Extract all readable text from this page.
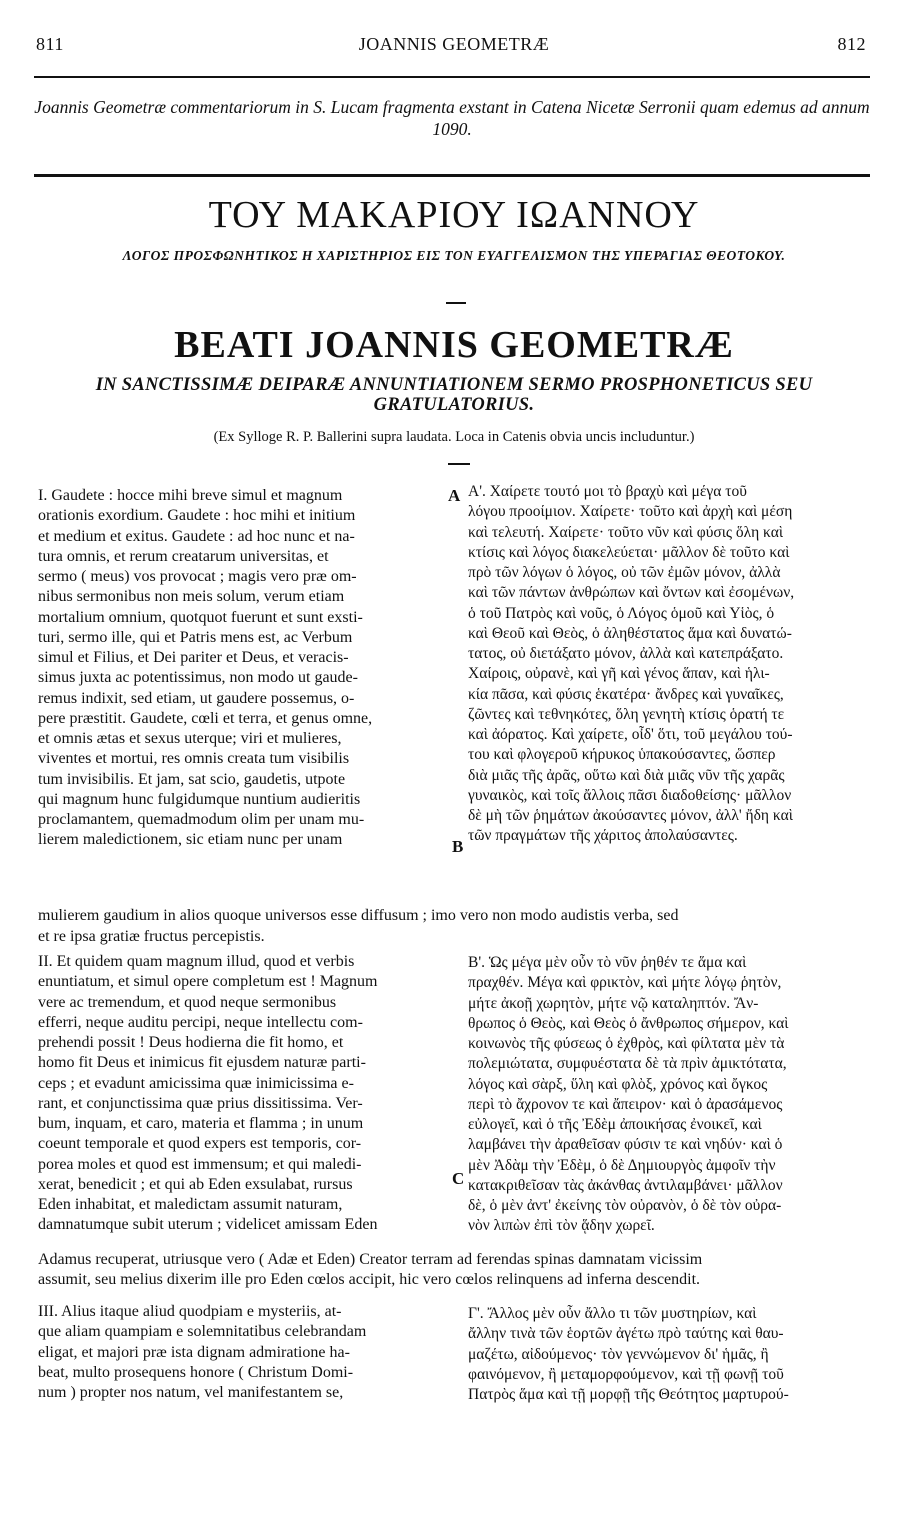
811	JOANNIS GEOMETRÆ	812

Joannis Geometræ commentariorum in S. Lucam fragmenta exstant in Catena Nicetæ Serronii quam edemus ad annum 1090.

ΤΟΥ ΜΑΚΑΡΙΟΥ ΙΩΑΝΝΟΥ
ΛΟΓΟΣ ΠΡΟΣΦΩΝΗΤΙΚΟΣ Η ΧΑΡΙΣΤΗΡΙΟΣ ΕΙΣ ΤΟΝ ΕΥΑΓΓΕΛΙΣΜΟΝ ΤΗΣ ΥΠΕΡΑΓΙΑΣ ΘΕΟΤΟΚΟΥ.
BEATI JOANNIS GEOMETRÆ
IN SANCTISSIMÆ DEIPARÆ ANNUNTIATIONEM SERMO PROSPHONETICUS SEU GRATULATORIUS.
(Ex Sylloge R. P. Ballerini supra laudata. Loca in Catenis obvia uncis includuntur.)
A
B
C
I. Gaudete : hocce mihi breve simul et magnum
orationis exordium. Gaudete : hoc mihi et initium
et medium et exitus. Gaudete : ad hoc nunc et na-
tura omnis, et rerum creatarum universitas, et
sermo ( meus) vos provocat ; magis vero præ om-
nibus sermonibus non meis solum, verum etiam
mortalium omnium, quotquot fuerunt et sunt exsti-
turi, sermo ille, qui et Patris mens est, ac Verbum
simul et Filius, et Dei pariter et Deus, et veracis-
simus juxta ac potentissimus, non modo ut gaude-
remus indixit, sed etiam, ut gaudere possemus, o-
pere præstitit. Gaudete, cœli et terra, et genus omne,
et omnis ætas et sexus uterque; viri et mulieres,
viventes et mortui, res omnis creata tum visibilis
tum invisibilis. Et jam, sat scio, gaudetis, utpote
qui magnum hunc fulgidumque nuntium audieritis
proclamantem, quemadmodum olim per unam mu-
lierem maledictionem, sic etiam nunc per unam
Α'. Χαίρετε τουτό μοι τὸ βραχὺ καὶ μέγα τοῦ
λόγου προοίμιον. Χαίρετε· τοῦτο καὶ ἀρχὴ καὶ μέση
καὶ τελευτή. Χαίρετε· τοῦτο νῦν καὶ φύσις ὅλη καὶ
κτίσις καὶ λόγος διακελεύεται· μᾶλλον δὲ τοῦτο καὶ
πρὸ τῶν λόγων ὁ λόγος, οὐ τῶν ἐμῶν μόνον, ἀλλὰ
καὶ τῶν πάντων ἀνθρώπων καὶ ὄντων καὶ ἐσομένων,
ὁ τοῦ Πατρὸς καὶ νοῦς, ὁ Λόγος ὁμοῦ καὶ Υἱὸς, ὁ
καὶ Θεοῦ καὶ Θεὸς, ὁ ἀληθέστατος ἅμα καὶ δυνατώ-
τατος, οὐ διετάξατο μόνον, ἀλλὰ καὶ κατεπράξατο.
Χαίροις, οὐρανὲ, καὶ γῆ καὶ γένος ἅπαν, καὶ ἡλι-
κία πᾶσα, καὶ φύσις ἑκατέρα· ἄνδρες καὶ γυναῖκες,
ζῶντες καὶ τεθνηκότες, ὅλη γενητὴ κτίσις ὁρατή τε
καὶ ἀόρατος. Καὶ χαίρετε, οἶδ' ὅτι, τοῦ μεγάλου τού-
του καὶ φλογεροῦ κήρυκος ὑπακούσαντες, ὥσπερ
διὰ μιᾶς τῆς ἀρᾶς, οὕτω καὶ διὰ μιᾶς νῦν τῆς χαρᾶς
γυναικὸς, καὶ τοῖς ἄλλοις πᾶσι διαδοθείσης· μᾶλλον
δὲ μὴ τῶν ῥημάτων ἀκούσαντες μόνον, ἀλλ' ἤδη καὶ
τῶν πραγμάτων τῆς χάριτος ἀπολαύσαντες.
mulierem gaudium in alios quoque universos esse diffusum ; imo vero non modo audistis verba, sed
et re ipsa gratiæ fructus percepistis.
II. Et quidem quam magnum illud, quod et verbis
enuntiatum, et simul opere completum est ! Magnum
vere ac tremendum, et quod neque sermonibus
efferri, neque auditu percipi, neque intellectu com-
prehendi possit ! Deus hodierna die fit homo, et
homo fit Deus et inimicus fit ejusdem naturæ parti-
ceps ; et evadunt amicissima quæ inimicissima e-
rant, et conjunctissima quæ prius dissitissima. Ver-
bum, inquam, et caro, materia et flamma ; in unum
coeunt temporale et quod expers est temporis, cor-
porea moles et quod est immensum; et qui maledi-
xerat, benedicit ; et qui ab Eden exsulabat, rursus
Eden inhabitat, et maledictam assumit naturam,
damnatumque subit uterum ; videlicet amissam Eden
Β'. Ὡς μέγα μὲν οὖν τὸ νῦν ῥηθέν τε ἅμα καὶ
πραχθέν. Μέγα καὶ φρικτὸν, καὶ μήτε λόγῳ ῥητὸν,
μήτε ἀκοῇ χωρητὸν, μήτε νῷ καταληπτόν. Ἄν-
θρωπος ὁ Θεὸς, καὶ Θεὸς ὁ ἄνθρωπος σήμερον, καὶ
κοινωνὸς τῆς φύσεως ὁ ἐχθρὸς, καὶ φίλτατα μὲν τὰ
πολεμιώτατα, συμφυέστατα δὲ τὰ πρὶν ἀμικτότατα,
λόγος καὶ σὰρξ, ὕλη καὶ φλὸξ, χρόνος καὶ ὄγκος
περὶ τὸ ἄχρονον τε καὶ ἄπειρον· καὶ ὁ ἀρασάμενος
εὐλογεῖ, καὶ ὁ τῆς Ἐδὲμ ἀποικήσας ἐνοικεῖ, καὶ
λαμβάνει τὴν ἀραθεῖσαν φύσιν τε καὶ νηδύν· καὶ ὁ
μὲν Ἀδὰμ τὴν Ἐδὲμ, ὁ δὲ Δημιουργὸς ἀμφοῖν τὴν
κατακριθεῖσαν τὰς ἀκάνθας ἀντιλαμβάνει· μᾶλλον
δὲ, ὁ μὲν ἀντ' ἐκείνης τὸν οὐρανὸν, ὁ δὲ τὸν οὐρα-
νὸν λιπὼν ἐπὶ τὸν ᾅδην χωρεῖ.
Adamus recuperat, utriusque vero ( Adæ et Eden) Creator terram ad ferendas spinas damnatam vicissim
assumit, seu melius dixerim ille pro Eden cœlos accipit, hic vero cœlos relinquens ad inferna descendit.
III. Alius itaque aliud quodpiam e mysteriis, at-
que aliam quampiam e solemnitatibus celebrandam
eligat, et majori præ ista dignam admiratione ha-
beat, multo prosequens honore ( Christum Domi-
num ) propter nos natum, vel manifestantem se,
Γ'. Ἄλλος μὲν οὖν ἄλλο τι τῶν μυστηρίων, καὶ
ἄλλην τινὰ τῶν ἑορτῶν ἀγέτω πρὸ ταύτης καὶ θαυ-
μαζέτω, αἰδούμενος· τὸν γεννώμενον δι' ἡμᾶς, ἢ
φαινόμενον, ἢ μεταμορφούμενον, καὶ τῇ φωνῇ τοῦ
Πατρὸς ἅμα καὶ τῇ μορφῇ τῆς Θεότητος μαρτυρού-
